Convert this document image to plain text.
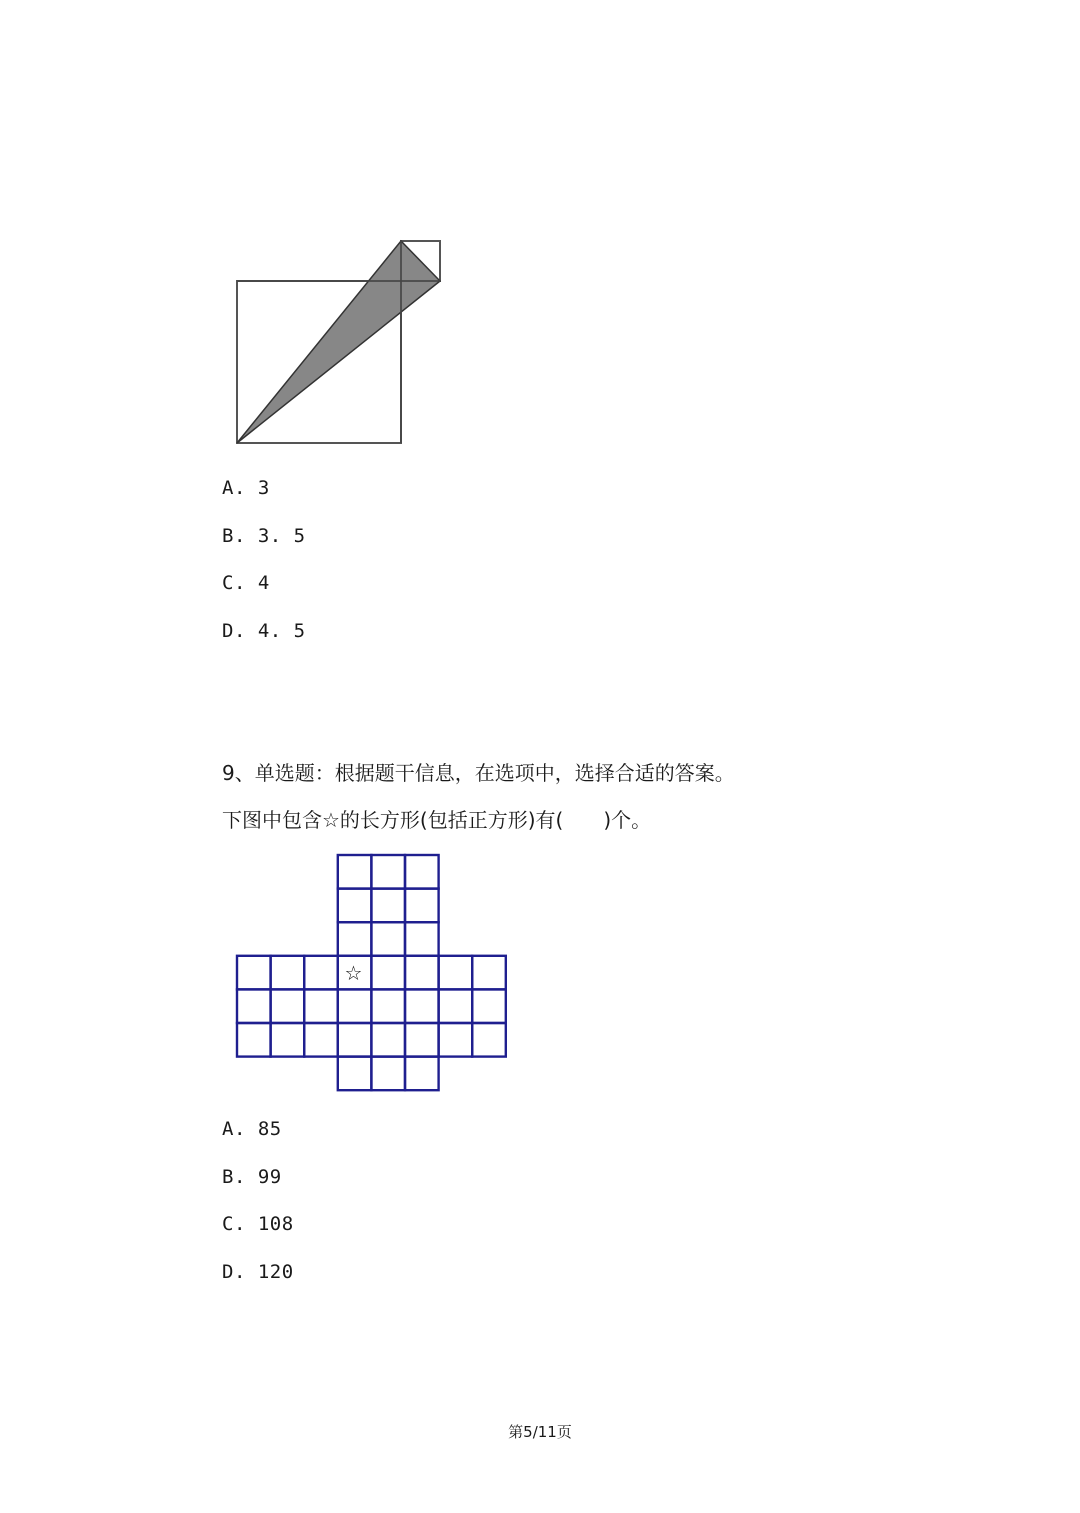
A. 3
B. 3. 5
C. 4
D. 4. 5
9、单选题：根据题干信息，在选项中，选择合适的答案。
下图中包含☆的长方形(包括正方形)有(　　)个。
☆
A. 85
B. 99
C. 108
D. 120
第5/11页
